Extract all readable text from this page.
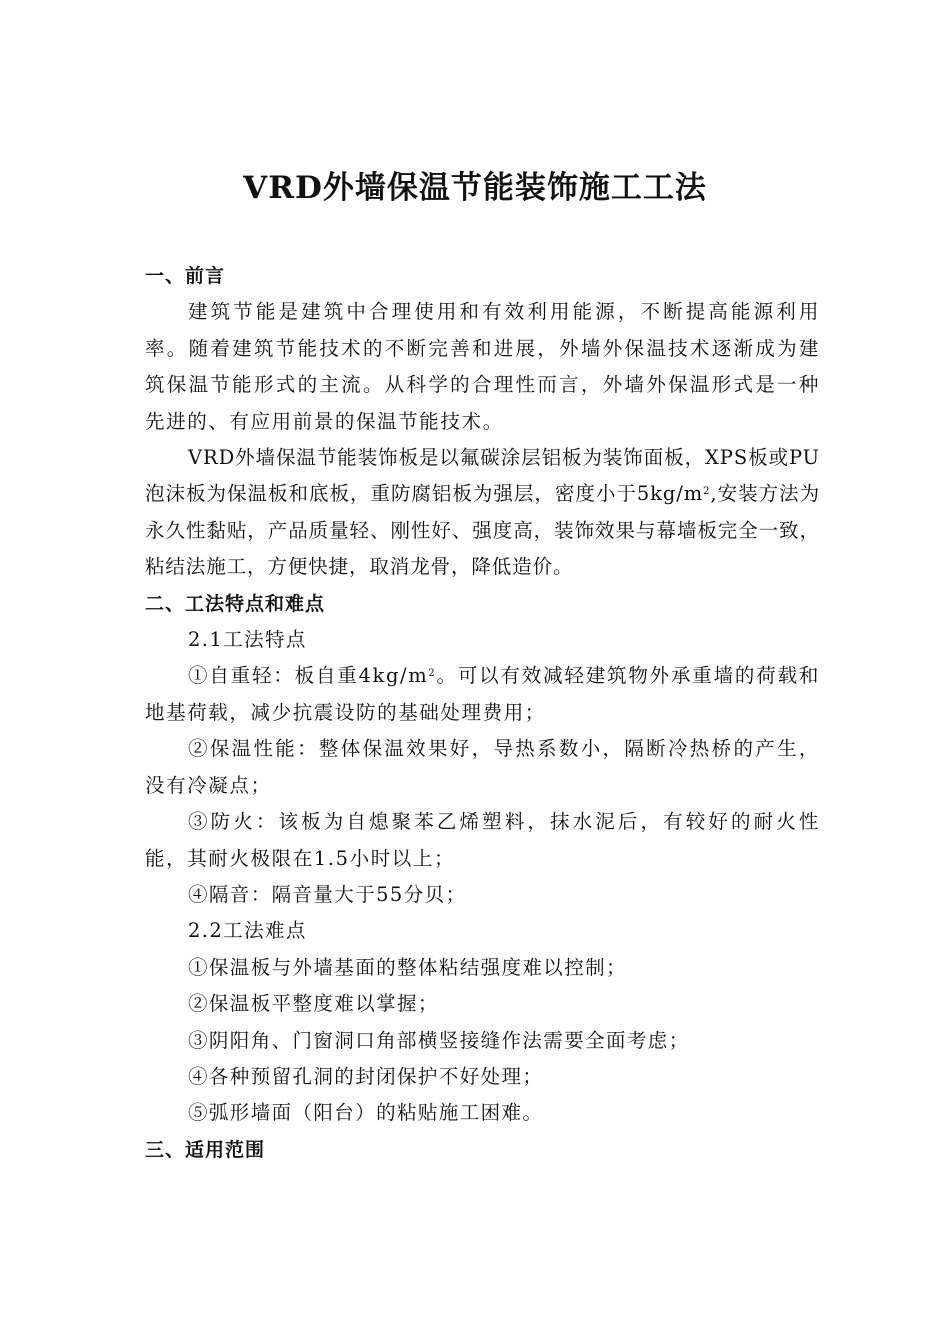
VRD外墙保温节能装饰施工工法
一、前言
建筑节能是建筑中合理使用和有效利用能源，不断提高能源利用率。随着建筑节能技术的不断完善和进展，外墙外保温技术逐渐成为建筑保温节能形式的主流。从科学的合理性而言，外墙外保温形式是一种先进的、有应用前景的保温节能技术。
VRD外墙保温节能装饰板是以氟碳涂层铝板为装饰面板，XPS板或PU泡沫板为保温板和底板，重防腐铝板为强层，密度小于$5kg/m^2$,安装方法为永久性黏贴，产品质量轻、刚性好、强度高，装饰效果与幕墙板完全一致，粘结法施工，方便快捷，取消龙骨，降低造价。
二、工法特点和难点
2.1工法特点
①自重轻：板自重$4kg/m^2$。可以有效减轻建筑物外承重墙的荷载和地基荷载，减少抗震设防的基础处理费用；
②保温性能：整体保温效果好，导热系数小，隔断冷热桥的产生，没有冷凝点；
③防火：该板为自熄聚苯乙烯塑料，抹水泥后，有较好的耐火性能，其耐火极限在1.5小时以上；
④隔音：隔音量大于55分贝；
2.2工法难点
①保温板与外墙基面的整体粘结强度难以控制；
②保温板平整度难以掌握；
③阴阳角、门窗洞口角部横竖接缝作法需要全面考虑；
④各种预留孔洞的封闭保护不好处理；
⑤弧形墙面（阳台）的粘贴施工困难。
三、适用范围
